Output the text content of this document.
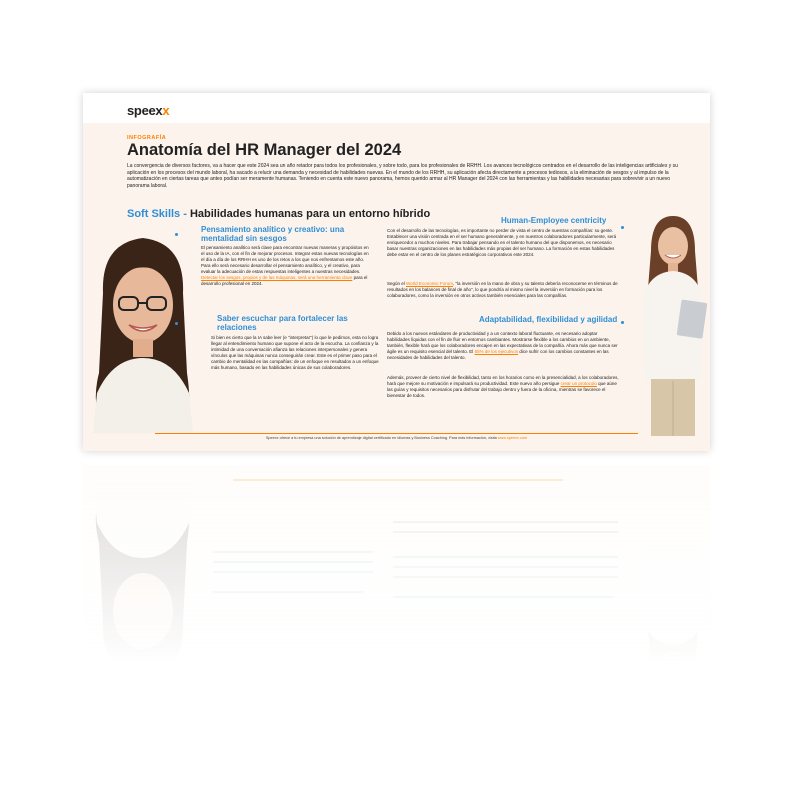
speexx
INFOGRAFÍA
Anatomía del HR Manager del 2024
La convergencia de diversos factores, va a hacer que este 2024 sea un año retador para todos los profesionales, y sobre todo, para los profesionales de RRHH. Los avances tecnológicos centrados en el desarrollo de las inteligencias artificiales y su aplicación en los procesos del mundo laboral, ha sacado a relucir una demanda y necesidad de habilidades nuevas. En el mundo de los RRHH, su aplicación afecta directamente a procesos tediosos, a la eliminación de sesgos y al impulso de la automatización en ciertas tareas que antes podían ser meramente humanas. Teniendo en cuenta este nuevo panorama, hemos querido armar al HR Manager del 2024 con las herramientas y las habilidades necesarias para sobrevivir a un nuevo panorama laboral.
Soft Skills - Habilidades humanas para un entorno híbrido
Pensamiento analítico y creativo: una mentalidad sin sesgos
El pensamiento analítico será clave para encontrar nuevas maneras y propósitos en el uso de la IA, con el fin de mejorar procesos. Integrar estas nuevas tecnologías en el día a día de los RRHH es uno de los retos a los que nos enfrentamos este año. Para ello será necesario desarrollar el pensamiento analítico, y el creativo, para evaluar la adecuación de estas respuestas inteligentes a nuestras necesidades. Detectar los sesgos, propios y de las máquinas, será una herramienta clave para el desarrollo profesional en 2024.
Saber escuchar para fortalecer las relaciones
Si bien es cierto que la IA sabe leer (e "interpretar") lo que le pedimos, esta no logra llegar al entendimiento humano que supone el acto de la escucha. La confianza y la intimidad de una conversación afianza las relaciones interpersonales y genera vínculos que las máquinas nunca conseguirán crear. Este es el primer paso para el cambio de mentalidad en las compañías: de un enfoque en resultados a un enfoque más humano, basado en las habilidades únicas de sus colaboradores.
Human-Employee centricity
Con el desarrollo de las tecnologías, es importante no perder de vista el centro de nuestras compañías: su gente. Establecer una visión centrada en el ser humano generalmente, y en nuestros colaboradores particularmente, será enriquecedor a muchos niveles. Para trabajar pensando en el talento humano del que disponemos, es necesario basar nuestras organizaciones en las habilidades más propias del ser humano. La formación en estas habilidades debe estar en el centro de los planes estratégicos corporativos este 2024.
Según el World Economic Forum, "la inversión en la mano de obra y su talento debería reconocerse en términos de resultados en los balances de final de año", lo que pondría al mismo nivel la inversión en formación para los colaboradores, como la inversión en otros activos también esenciales para las compañías.
Adaptabilidad, flexibilidad y agilidad
Debido a los nuevos estándares de productividad y a un contexto laboral fluctuante, es necesario adoptar habilidades líquidas con el fin de fluir en entornos cambiantes. Mostrarse flexible a los cambios en un ambiente, también, flexible hará que los colaboradores encajen en las expectativas de la compañía. Ahora más que nunca ser ágile es un requisito esencial del talento. El 55% de los ejecutivos dice sufrir con los cambios constantes en las necesidades de habilidades del talento.
Además, proveer de cierto nivel de flexibilidad, tanto en los horarios como en la presencialidad, a los colaboradores, hará que mejore su motivación e impulsará su productividad. Este nuevo año persigue crear un protocolo que aúne las guías y requisitos necesarios para disfrutar del trabajo dentro y fuera de la oficina, mientras se favorece el bienestar de todos.
Speexx ofrece a tu empresa una solución de aprendizaje digital certificado en idiomas y Business Coaching. Para más información, visita www.speexx.com
